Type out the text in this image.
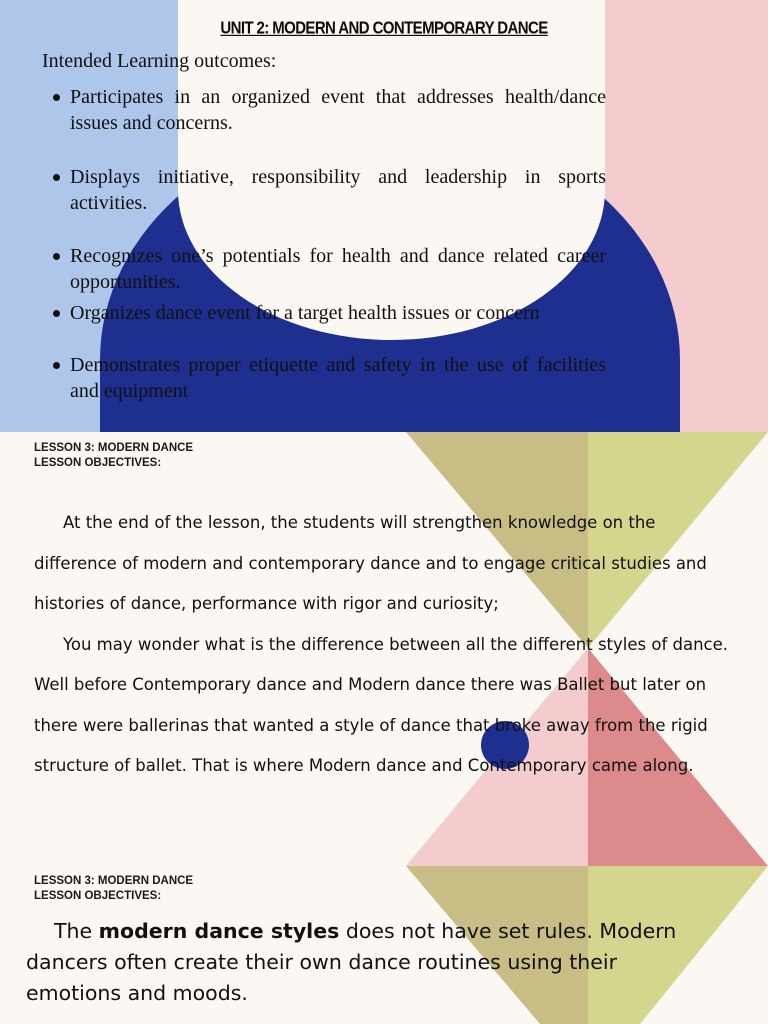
UNIT 2: MODERN AND CONTEMPORARY DANCE
Intended Learning outcomes:
Participates in an organized event that addresses health/dance issues and concerns.
Displays initiative, responsibility and leadership in sports activities.
Recognizes one’s potentials for health and dance related career opportunities.
Organizes dance event for a target health issues or concern
Demonstrates proper etiquette and safety in the use of facilities and equipment
LESSON 3: MODERN DANCE
LESSON OBJECTIVES:

At the end of the lesson, the students will strengthen knowledge on the difference of modern and contemporary dance and to engage critical studies and histories of dance, performance with rigor and curiosity;

You may wonder what is the difference between all the different styles of dance. Well before Contemporary dance and Modern dance there was Ballet but later on there were ballerinas that wanted a style of dance that broke away from the rigid structure of ballet. That is where Modern dance and Contemporary came along.

LESSON 3: MODERN DANCE
LESSON OBJECTIVES:

The modern dance styles does not have set rules. Modern dancers often create their own dance routines using their emotions and moods.
